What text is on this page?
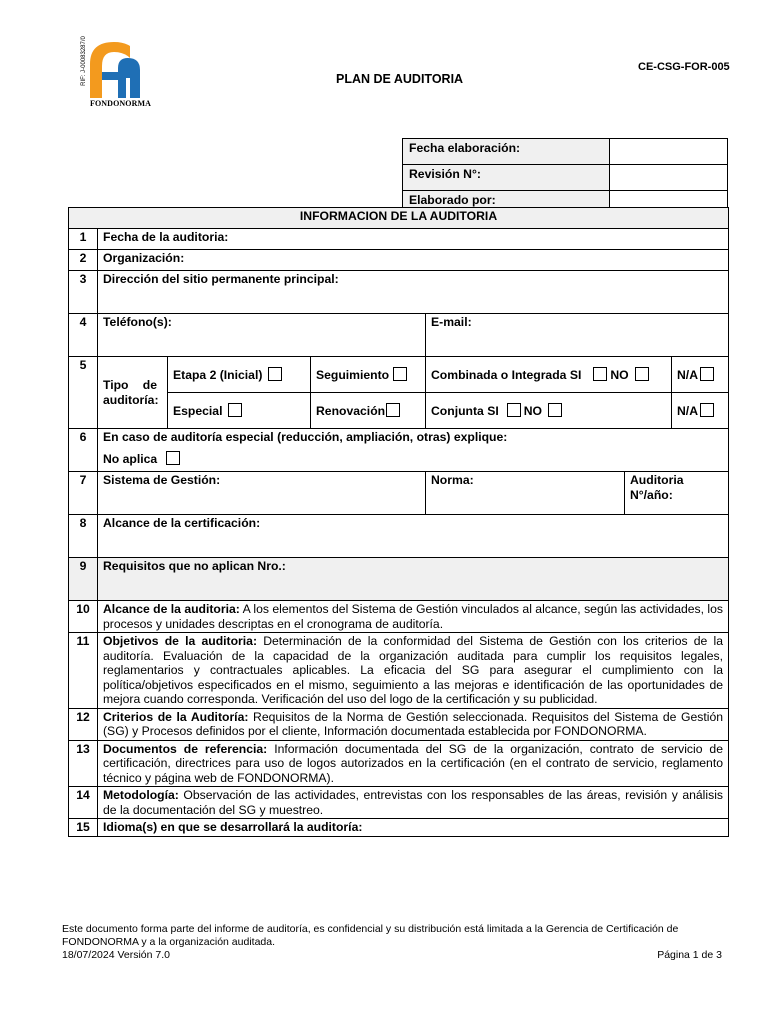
RIF: J-00083287/0
FONDONORMA
PLAN DE AUDITORIA
CE-CSG-FOR-005
Fecha elaboración:	
Revisión N°:	
Elaborado por:	
INFORMACION DE LA AUDITORIA						
1	Fecha de la auditoria:					
2	Organización:					
3	Dirección del sitio permanente principal:					
4	Teléfono(s):			E-mail:		
5	Tipo de auditoría:	Etapa 2 (Inicial)	Seguimiento	Combinada o Integrada SI NO		N/A
		Especial	Renovación	Conjunta SI NO		N/A
6	En caso de auditoría especial (reducción, ampliación, otras) explique:
No aplica					

7	Sistema de Gestión:			Norma:	Auditoria N°/año:	
8	Alcance de la certificación:					
9	Requisitos que no aplican Nro.:					
10	Alcance de la auditoria: A los elementos del Sistema de Gestión vinculados al alcance, según las actividades, los procesos y unidades descriptas en el cronograma de auditoría.					
11	Objetivos de la auditoria: Determinación de la conformidad del Sistema de Gestión con los criterios de la auditoría. Evaluación de la capacidad de la organización auditada para cumplir los requisitos legales, reglamentarios y contractuales aplicables. La eficacia del SG para asegurar el cumplimiento con la política/objetivos especificados en el mismo, seguimiento a las mejoras e identificación de las oportunidades de mejora cuando corresponda. Verificación del uso del logo de la certificación y su publicidad.					
12	Criterios de la Auditoría: Requisitos de la Norma de Gestión seleccionada. Requisitos del Sistema de Gestión (SG) y Procesos definidos por el cliente, Información documentada establecida por FONDONORMA.					
13	Documentos de referencia: Información documentada del SG de la organización, contrato de servicio de certificación, directrices para uso de logos autorizados en la certificación (en el contrato de servicio, reglamento técnico y página web de FONDONORMA).					
14	Metodología: Observación de las actividades, entrevistas con los responsables de las áreas, revisión y análisis de la documentación del SG y muestreo.					
15	Idioma(s) en que se desarrollará la auditoría:					
Este documento forma parte del informe de auditoría, es confidencial y su distribución está limitada a la Gerencia de Certificación de FONDONORMA y a la organización auditada.
18/07/2024 Versión 7.0	Página 1 de 3
